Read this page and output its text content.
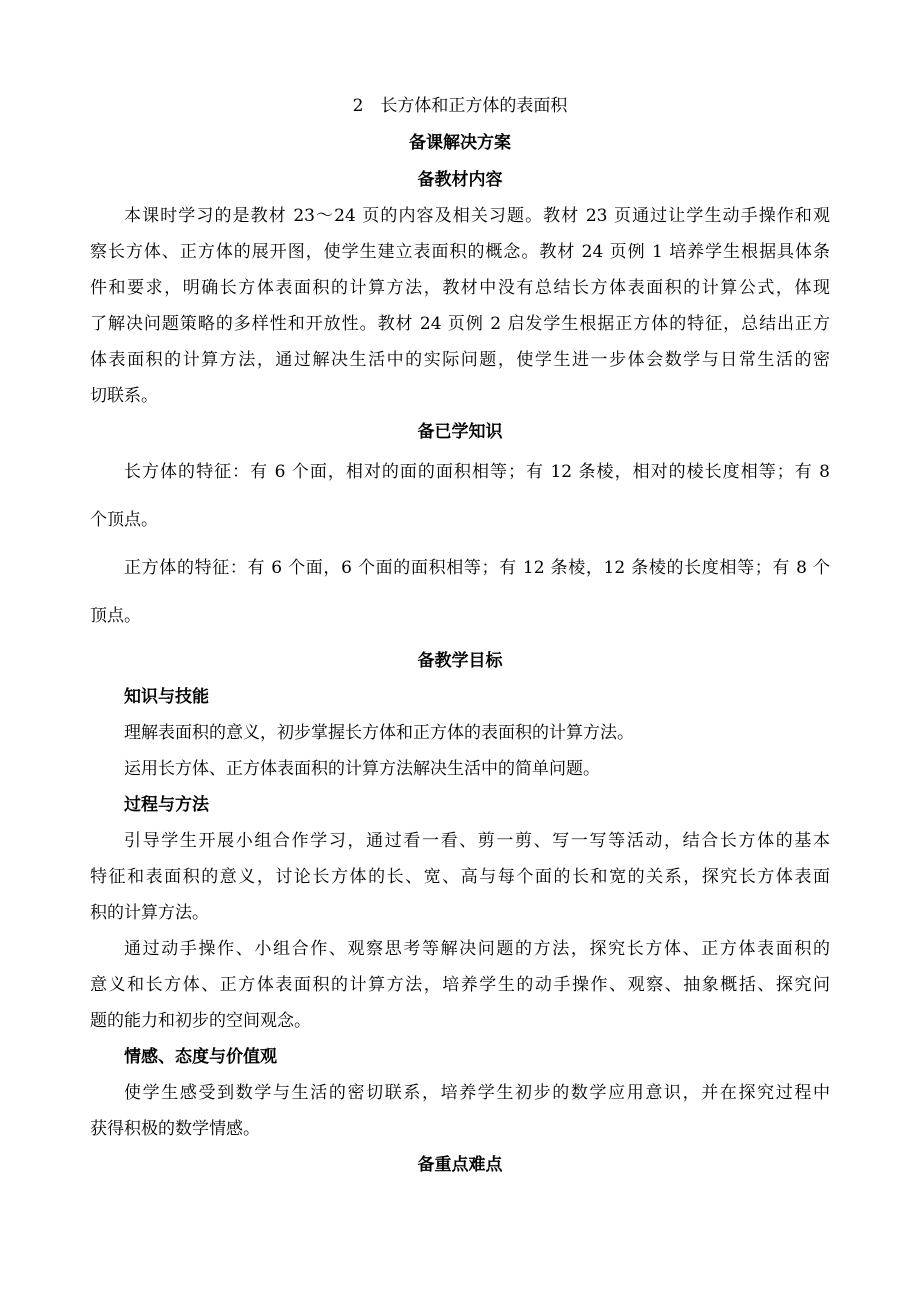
2　长方体和正方体的表面积
备课解决方案
备教材内容
本课时学习的是教材 23～24 页的内容及相关习题。教材 23 页通过让学生动手操作和观
察长方体、正方体的展开图，使学生建立表面积的概念。教材 24 页例 1 培养学生根据具体条
件和要求，明确长方体表面积的计算方法，教材中没有总结长方体表面积的计算公式，体现
了解决问题策略的多样性和开放性。教材 24 页例 2 启发学生根据正方体的特征，总结出正方
体表面积的计算方法，通过解决生活中的实际问题，使学生进一步体会数学与日常生活的密
切联系。
备已学知识
长方体的特征：有 6 个面，相对的面的面积相等；有 12 条棱，相对的棱长度相等；有 8
个顶点。
正方体的特征：有 6 个面，6 个面的面积相等；有 12 条棱，12 条棱的长度相等；有 8 个
顶点。
备教学目标
知识与技能
理解表面积的意义，初步掌握长方体和正方体的表面积的计算方法。
运用长方体、正方体表面积的计算方法解决生活中的简单问题。
过程与方法
引导学生开展小组合作学习，通过看一看、剪一剪、写一写等活动，结合长方体的基本
特征和表面积的意义，讨论长方体的长、宽、高与每个面的长和宽的关系，探究长方体表面
积的计算方法。
通过动手操作、小组合作、观察思考等解决问题的方法，探究长方体、正方体表面积的
意义和长方体、正方体表面积的计算方法，培养学生的动手操作、观察、抽象概括、探究问
题的能力和初步的空间观念。
情感、态度与价值观
使学生感受到数学与生活的密切联系，培养学生初步的数学应用意识，并在探究过程中
获得积极的数学情感。
备重点难点
